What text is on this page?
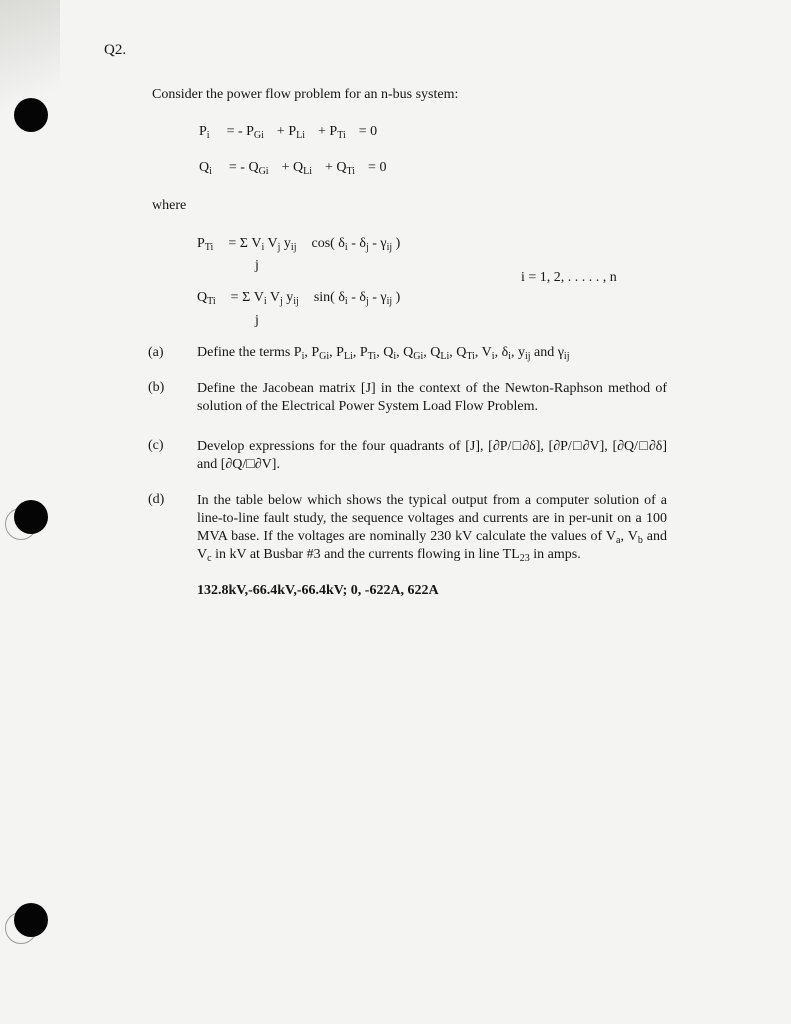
Q2.
Consider the power flow problem for an n-bus system:
$P_i$ = - $P_{Gi} + P_{Li} + P_{Ti} = 0$
$Q_i$ = - $Q_{Gi} + Q_{Li} + Q_{Ti} = 0$
where
$P_{Ti} = \Sigma$ $V_i$ $V_j$ $y_{ij}$  cos( $\delta_i - \delta_j - \gamma_{ij}$ )
j
i = 1, 2, . . . . . , n
$Q_{Ti} = \Sigma$ $V_i$ $V_j$ $y_{ij}$  sin( $\delta_i - \delta_j - \gamma_{ij}$ )
j
(a) Define the terms $P_i$, $P_{Gi}$, $P_{Li}$, $P_{Ti}$, $Q_i$, $Q_{Gi}$, $Q_{Li}$, $Q_{Ti}$, $V_i$, $\delta_i$, $y_{ij}$ and $\gamma_{ij}$
(b) Define the Jacobean matrix [J] in the context of the Newton-Raphson method of solution of the Electrical Power System Load Flow Problem.
(c) Develop expressions for the four quadrants of [J], [∂P/□∂δ], [∂P/□∂V], [∂Q/□∂δ] and [∂Q/□∂V].
(d) In the table below which shows the typical output from a computer solution of a line-to-line fault study, the sequence voltages and currents are in per-unit on a 100 MVA base. If the voltages are nominally 230 kV calculate the values of $V_a$, $V_b$ and $V_c$ in kV at Busbar #3 and the currents flowing in line $TL_{23}$ in amps.
132.8kV,-66.4kV,-66.4kV; 0, -622A, 622A
